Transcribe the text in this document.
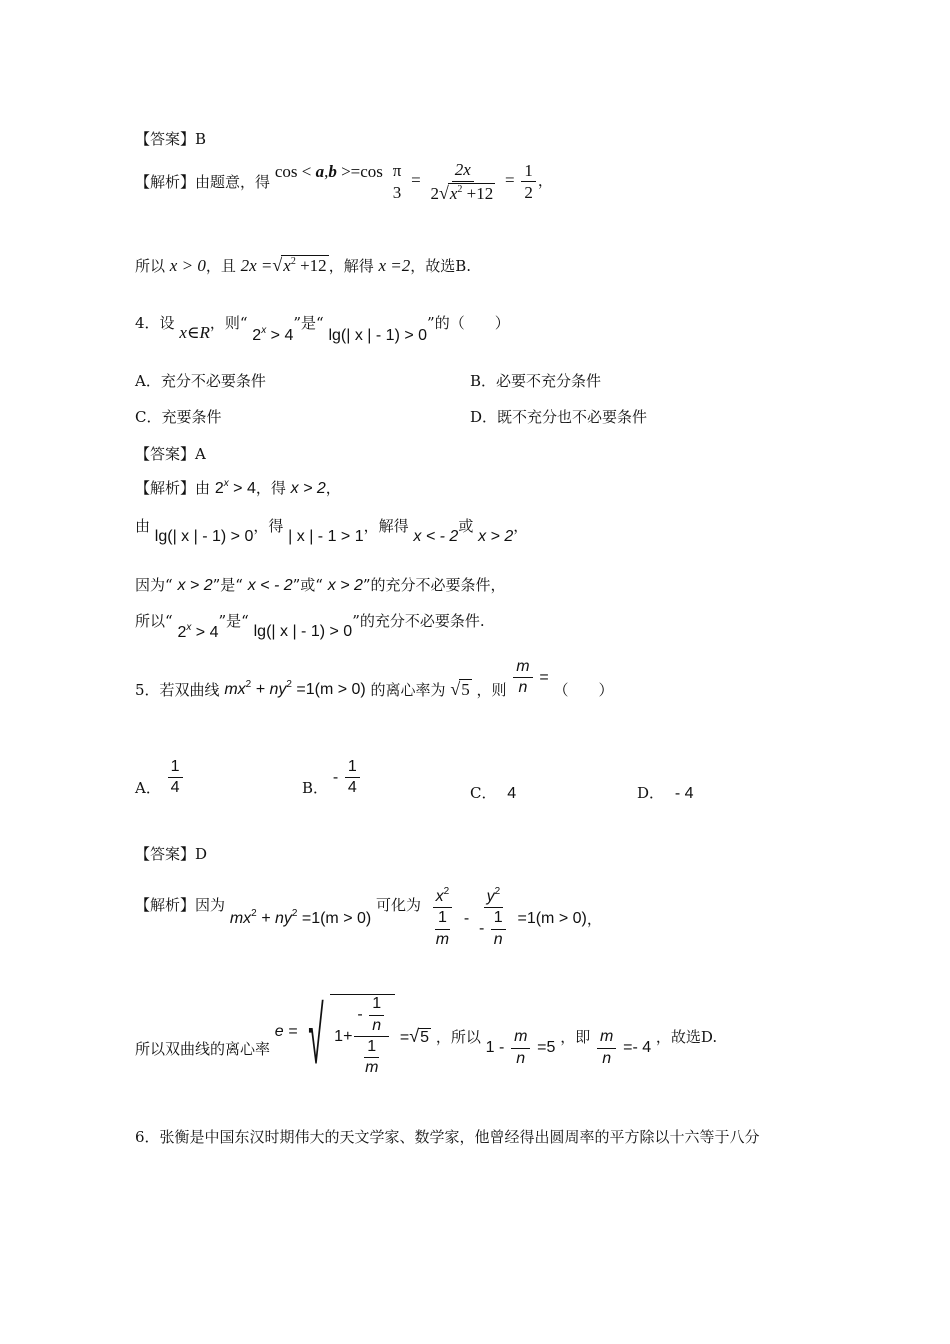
【答案】B
【解析】由题意，得 cos < a,b >=cos π
3
= $\frac{2x}{2√x^2 +12} = \frac{1}{2}$ ，
所以 x > 0，且 $2x =√x^2 +12$ ，解得 x =2，故选B.
4．设 x∈R，则“ $2^x > 4$”是“ lg(| x | - 1) > 0”的（　　）
A．充分不必要条件	B．必要不充分条件
C．充要条件	D．既不充分也不必要条件
【答案】A
【解析】由 $2^x > 4$，得 x > 2，
由 lg(| x | - 1) > 0，得 | x | - 1 > 1，解得 x < - 2或 x > 2，
因为“ x > 2”是“ x < - 2”或“ x > 2”的充分不必要条件，
所以“ $2^x > 4$”是“ lg(| x | - 1) > 0”的充分不必要条件.
5．若双曲线 $mx^2 + ny^2 =1(m > 0)$ 的离心率为 √5 ，则 $\frac{m}{n}$ = （　　）
A． $\frac{1}{4}$	B． - $\frac{1}{4}$	C． 4	D． - 4
【答案】D
【解析】因为 $mx^2 + ny^2 =1(m > 0)$ 可化为 $\frac{x^2}{\frac{1}{m}} - \frac{y^2}{- \frac{1}{n}} =1(m > 0)$，
所以双曲线的离心率 e = √ $1+ \frac{- \frac{1}{n}}{\frac{1}{m}} =√5$ ，所以 $1 - \frac{m}{n} =5$ ，即 $\frac{m}{n} =- 4$ ，故选D.
6．张衡是中国东汉时期伟大的天文学家、数学家，他曾经得出圆周率的平方除以十六等于八分
